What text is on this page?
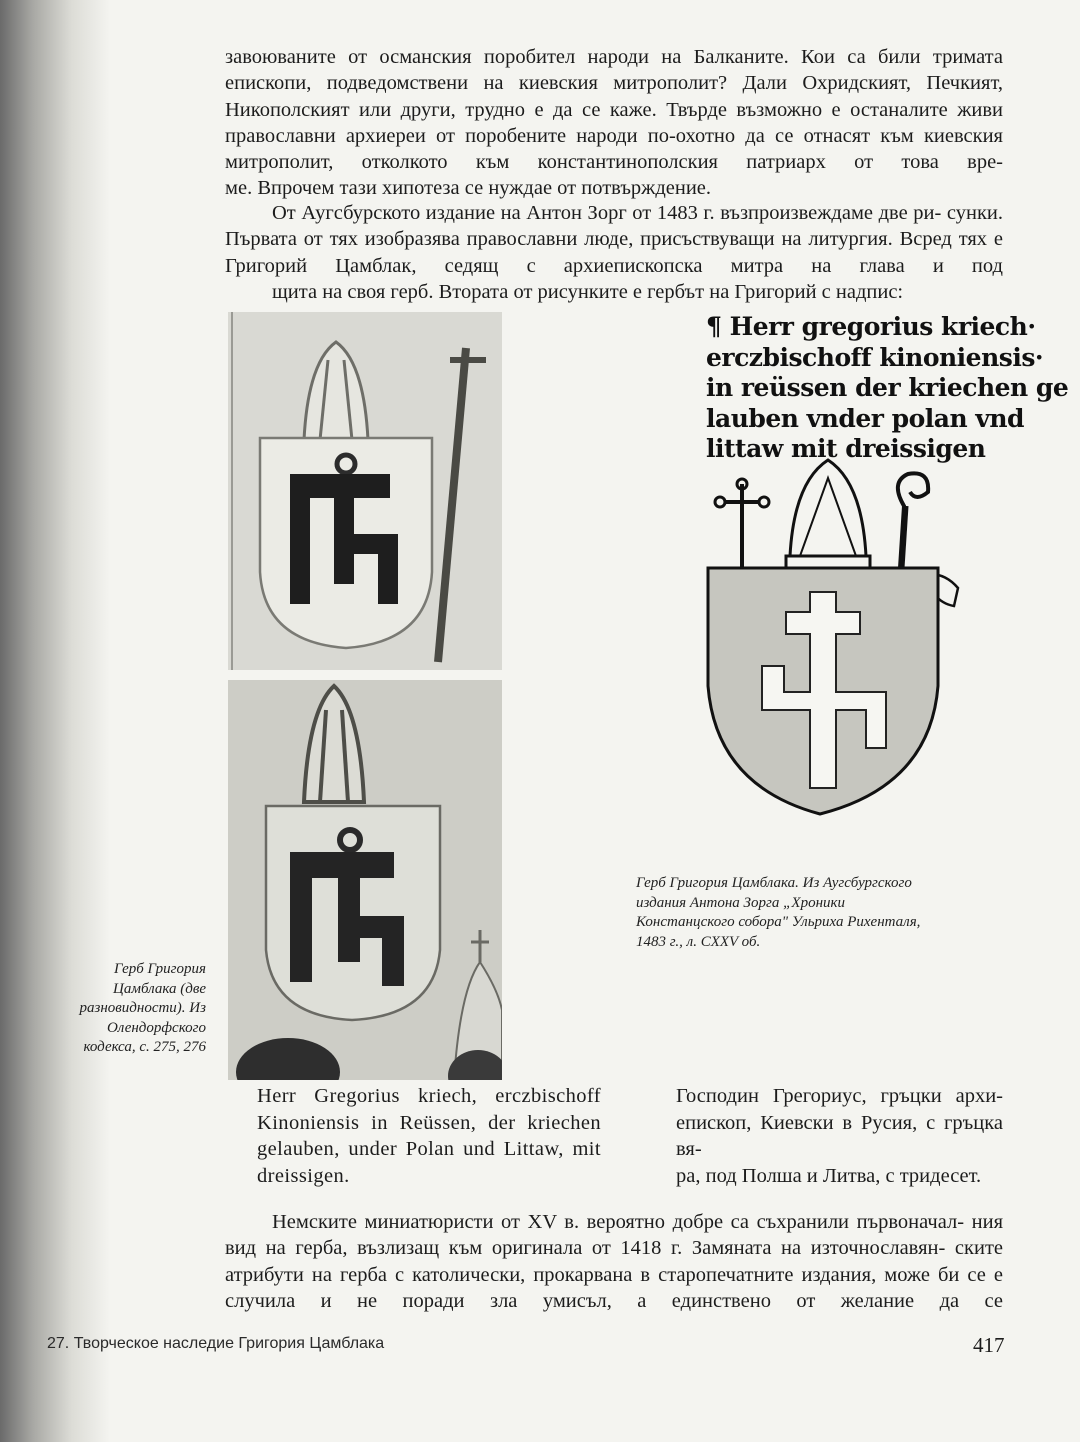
завоюваните от османския поробител народи на Балканите. Кои са били тримата епископи, подведомствени на киевския митрополит? Дали Охридският, Печкият, Никополският или други, трудно е да се каже. Твърде възможно е останалите живи православни архиереи от поробените народи по-охотно да се отнасят към киевския митрополит, отколкото към константинополския патриарх от това вре-
ме. Впрочем тази хипотеза се нуждае от потвърждение.

От Аугсбурското издание на Антон Зорг от 1483 г. възпроизвеждаме две ри- сунки. Първата от тях изобразява православни люде, присъствуващи на литургия. Всред тях е Григорий Цамблак, седящ с архиепископска митра на глава и под
щита на своя герб. Втората от рисунките е гербът на Григорий с надпис:

¶ Herr gregorius kriech·
erczbischoff kinoniensis·
in reüssen der kriechen ge
lauben vnder polan vnd
littaw mit dreissigen

Герб Григория Цамблака. Из Аугсбургского
издания Антона Зорга „Хроники
Констанцского собора" Ульриха Рихенталя,
1483 г., л. CXXV об.

Герб Григория
Цамблака (две
разновидности). Из
Олендорфского
кодекса, с. 275, 276

Herr Gregorius kriech, erczbischoff Kinoniensis in Reüssen, der kriechen gelauben, under Polan und Littaw, mit dreissigen.

Господин Грегориус, гръцки архи- епископ, Киевски в Русия, с гръцка вя-
ра, под Полша и Литва, с тридесет.

Немските миниатюристи от XV в. вероятно добре са съхранили първоначал- ния вид на герба, възлизащ към оригинала от 1418 г. Замяната на източнославян- ските атрибути на герба с католически, прокарвана в старопечатните издания, може би се е случила и не поради зла умисъл, а единствено от желание да се

27. Творческое наследие Григория Цамблака	417
